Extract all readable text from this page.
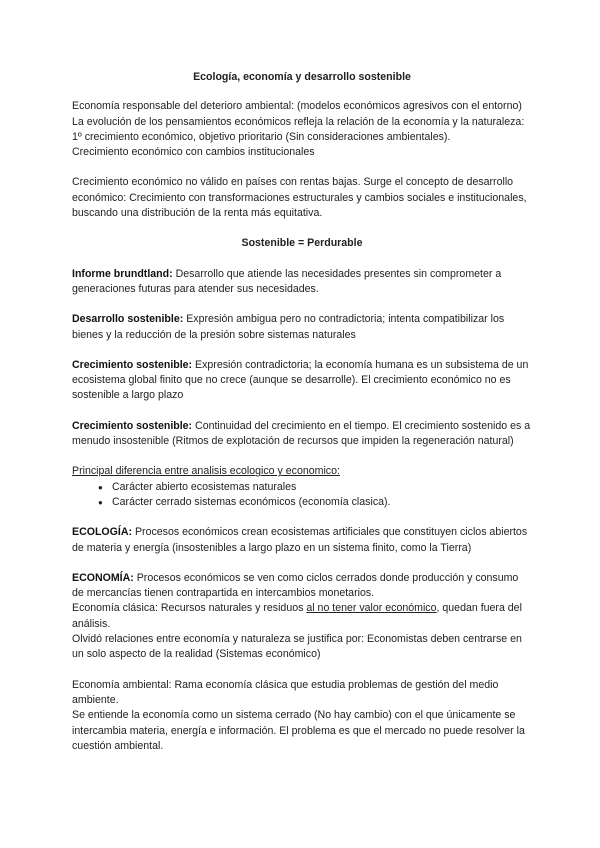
Ecología, economía y desarrollo sostenible

Economía responsable del deterioro ambiental: (modelos económicos agresivos con el entorno)

La evolución de los pensamientos económicos refleja la relación de la economía y la naturaleza: 1º crecimiento económico, objetivo prioritario (Sin consideraciones ambientales).

Crecimiento económico con cambios institucionales

Crecimiento económico no válido en países con rentas bajas. Surge el concepto de desarrollo económico: Crecimiento con transformaciones estructurales y cambios sociales e institucionales, buscando una distribución de la renta más equitativa.

Sostenible = Perdurable

Informe brundtland: Desarrollo que atiende las necesidades presentes sin comprometer a generaciones futuras para atender sus necesidades.

Desarrollo sostenible: Expresión ambigua pero no contradictoria; intenta compatibilizar los bienes y la reducción de la presión sobre sistemas naturales

Crecimiento sostenible: Expresión contradictoria; la economía humana es un subsistema de un ecosistema global finito que no crece (aunque se desarrolle). El crecimiento económico no es sostenible a largo plazo

Crecimiento sostenible: Continuidad del crecimiento en el tiempo. El crecimiento sostenido es a menudo insostenible (Ritmos de explotación de recursos que impiden la regeneración natural)

Principal diferencia entre analisis ecologico y economico:

● Carácter abierto ecosistemas naturales
● Carácter cerrado sistemas económicos (economía clasica).

ECOLOGÍA: Procesos económicos crean ecosistemas artificiales que constituyen ciclos abiertos de materia y energía (insostenibles a largo plazo en un sistema finito, como la Tierra)

ECONOMÍA: Procesos económicos se ven como ciclos cerrados donde producción y consumo de mercancías tienen contrapartida en intercambios monetarios.

Economía clásica: Recursos naturales y residuos al no tener valor económico, quedan fuera del análisis.

Olvidó relaciones entre economía y naturaleza se justifica por: Economistas deben centrarse en un solo aspecto de la realidad (Sistemas económico)

Economía ambiental: Rama economía clásica que estudia problemas de gestión del medio ambiente.

Se entiende la economía como un sistema cerrado (No hay cambio) con el que únicamente se intercambia materia, energía e información. El problema es que el mercado no puede resolver la cuestión ambiental.
